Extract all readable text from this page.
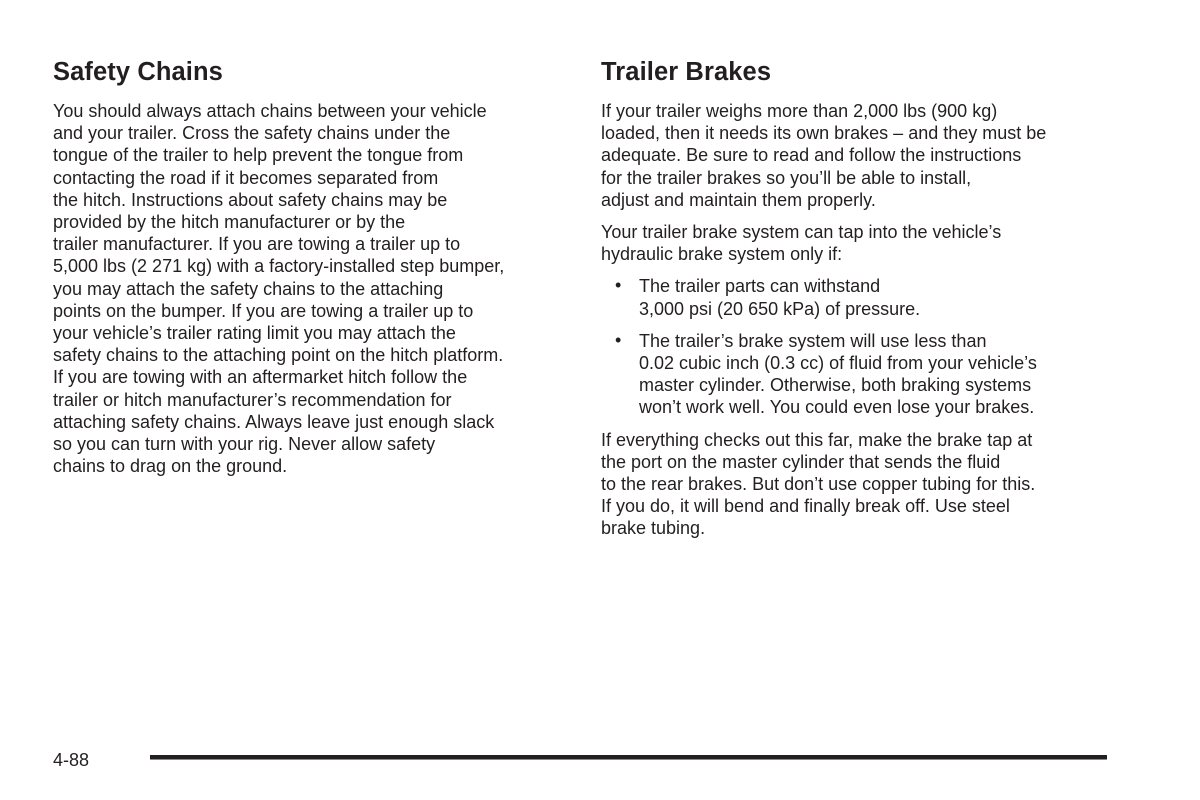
Safety Chains
You should always attach chains between your vehicle
and your trailer. Cross the safety chains under the
tongue of the trailer to help prevent the tongue from
contacting the road if it becomes separated from
the hitch. Instructions about safety chains may be
provided by the hitch manufacturer or by the
trailer manufacturer. If you are towing a trailer up to
5,000 lbs (2 271 kg) with a factory-installed step bumper,
you may attach the safety chains to the attaching
points on the bumper. If you are towing a trailer up to
your vehicle’s trailer rating limit you may attach the
safety chains to the attaching point on the hitch platform.
If you are towing with an aftermarket hitch follow the
trailer or hitch manufacturer’s recommendation for
attaching safety chains. Always leave just enough slack
so you can turn with your rig. Never allow safety
chains to drag on the ground.
Trailer Brakes
If your trailer weighs more than 2,000 lbs (900 kg)
loaded, then it needs its own brakes – and they must be
adequate. Be sure to read and follow the instructions
for the trailer brakes so you’ll be able to install,
adjust and maintain them properly.
Your trailer brake system can tap into the vehicle’s
hydraulic brake system only if:
• The trailer parts can withstand
3,000 psi (20 650 kPa) of pressure.
• The trailer’s brake system will use less than
0.02 cubic inch (0.3 cc) of fluid from your vehicle’s
master cylinder. Otherwise, both braking systems
won’t work well. You could even lose your brakes.
If everything checks out this far, make the brake tap at
the port on the master cylinder that sends the fluid
to the rear brakes. But don’t use copper tubing for this.
If you do, it will bend and finally break off. Use steel
brake tubing.
4-88
